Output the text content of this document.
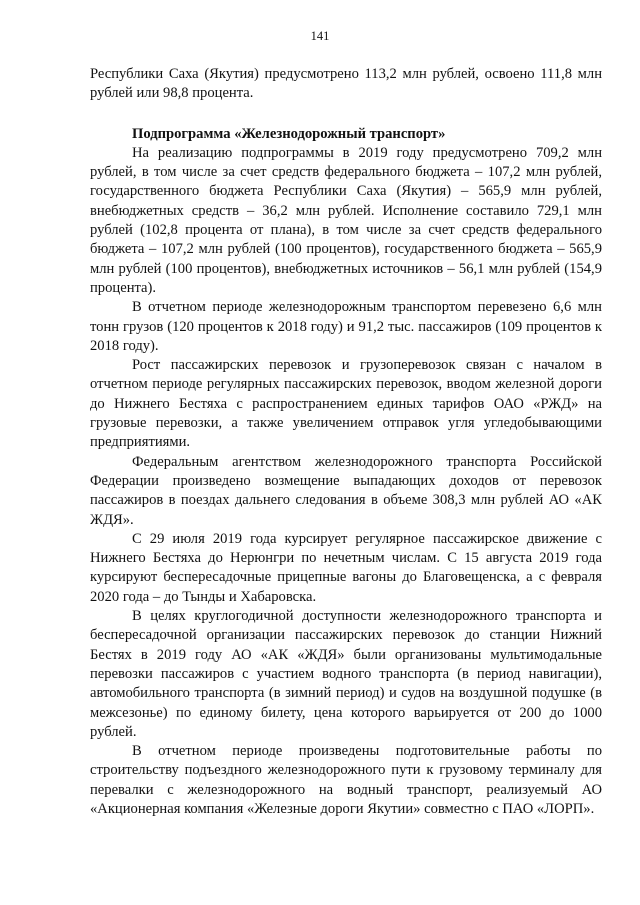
141

Республики Саха (Якутия) предусмотрено 113,2 млн рублей, освоено 111,8 млн рублей или 98,8 процента.

Подпрограмма «Железнодорожный транспорт»

На реализацию подпрограммы в 2019 году предусмотрено 709,2 млн рублей, в том числе за счет средств федерального бюджета – 107,2 млн рублей, государственного бюджета Республики Саха (Якутия) – 565,9 млн рублей, внебюджетных средств – 36,2 млн рублей. Исполнение составило 729,1 млн рублей (102,8 процента от плана), в том числе за счет средств федерального бюджета – 107,2 млн рублей (100 процентов), государственного бюджета – 565,9 млн рублей (100 процентов), внебюджетных источников – 56,1 млн рублей (154,9 процента).

В отчетном периоде железнодорожным транспортом перевезено 6,6 млн тонн грузов (120 процентов к 2018 году) и 91,2 тыс. пассажиров (109 процентов к 2018 году).

Рост пассажирских перевозок и грузоперевозок связан с началом в отчетном периоде регулярных пассажирских перевозок, вводом железной дороги до Нижнего Бестяха с распространением единых тарифов ОАО «РЖД» на грузовые перевозки, а также увеличением отправок угля угледобывающими предприятиями.

Федеральным агентством железнодорожного транспорта Российской Федерации произведено возмещение выпадающих доходов от перевозок пассажиров в поездах дальнего следования в объеме 308,3 млн рублей АО «АК ЖДЯ».

С 29 июля 2019 года курсирует регулярное пассажирское движение с Нижнего Бестяха до Нерюнгри по нечетным числам. С 15 августа 2019 года курсируют беспересадочные прицепные вагоны до Благовещенска, а с февраля 2020 года – до Тынды и Хабаровска.

В целях круглогодичной доступности железнодорожного транспорта и беспересадочной организации пассажирских перевозок до станции Нижний Бестях в 2019 году АО «АК «ЖДЯ» были организованы мультимодальные перевозки пассажиров с участием водного транспорта (в период навигации), автомобильного транспорта (в зимний период) и судов на воздушной подушке (в межсезонье) по единому билету, цена которого варьируется от 200 до 1000 рублей.

В отчетном периоде произведены подготовительные работы по строительству подъездного железнодорожного пути к грузовому терминалу для перевалки с железнодорожного на водный транспорт, реализуемый АО «Акционерная компания «Железные дороги Якутии» совместно с ПАО «ЛОРП».
